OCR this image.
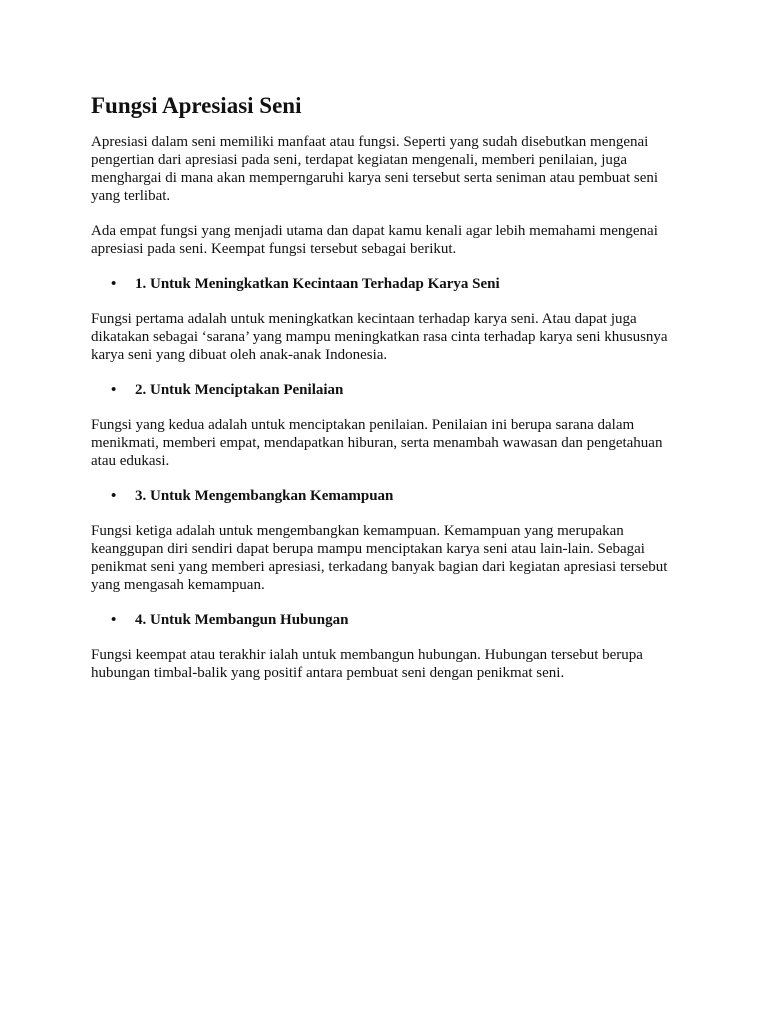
Fungsi Apresiasi Seni

Apresiasi dalam seni memiliki manfaat atau fungsi. Seperti yang sudah disebutkan mengenai
pengertian dari apresiasi pada seni, terdapat kegiatan mengenali, memberi penilaian, juga
menghargai di mana akan memperngaruhi karya seni tersebut serta seniman atau pembuat seni
yang terlibat.

Ada empat fungsi yang menjadi utama dan dapat kamu kenali agar lebih memahami mengenai
apresiasi pada seni. Keempat fungsi tersebut sebagai berikut.

• 1. Untuk Meningkatkan Kecintaan Terhadap Karya Seni

Fungsi pertama adalah untuk meningkatkan kecintaan terhadap karya seni. Atau dapat juga
dikatakan sebagai ‘sarana’ yang mampu meningkatkan rasa cinta terhadap karya seni khususnya
karya seni yang dibuat oleh anak-anak Indonesia.

• 2. Untuk Menciptakan Penilaian

Fungsi yang kedua adalah untuk menciptakan penilaian. Penilaian ini berupa sarana dalam
menikmati, memberi empat, mendapatkan hiburan, serta menambah wawasan dan pengetahuan
atau edukasi.

• 3. Untuk Mengembangkan Kemampuan

Fungsi ketiga adalah untuk mengembangkan kemampuan. Kemampuan yang merupakan
keanggupan diri sendiri dapat berupa mampu menciptakan karya seni atau lain-lain. Sebagai
penikmat seni yang memberi apresiasi, terkadang banyak bagian dari kegiatan apresiasi tersebut
yang mengasah kemampuan.

• 4. Untuk Membangun Hubungan

Fungsi keempat atau terakhir ialah untuk membangun hubungan. Hubungan tersebut berupa
hubungan timbal-balik yang positif antara pembuat seni dengan penikmat seni.
